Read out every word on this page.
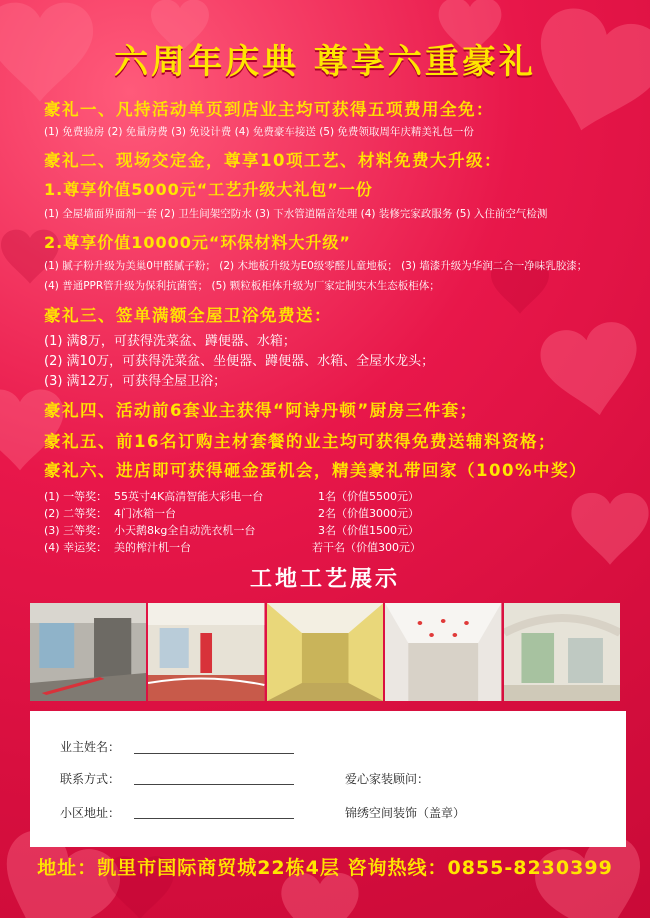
六周年庆典 尊享六重豪礼
豪礼一、凡持活动单页到店业主均可获得五项费用全免：
(1) 免费验房 (2) 免量房费 (3) 免设计费 (4) 免费豪车接送 (5) 免费领取周年庆精美礼包一份
豪礼二、现场交定金，尊享10项工艺、材料免费大升级：
1.尊享价值5000元“工艺升级大礼包”一份
(1) 全屋墙面界面剂一套 (2) 卫生间架空防水 (3) 下水管道隔音处理 (4) 装修完家政服务 (5) 入住前空气检测
2.尊享价值10000元“环保材料大升级”
(1) 腻子粉升级为美巢0甲醛腻子粉； (2) 木地板升级为E0级零醛儿童地板； (3) 墙漆升级为华润二合一净味乳胶漆；
(4) 普通PPR管升级为保利抗菌管； (5) 颗粒板柜体升级为厂家定制实木生态板柜体；
豪礼三、签单满额全屋卫浴免费送：
(1) 满8万，可获得洗菜盆、蹲便器、水箱；
(2) 满10万，可获得洗菜盆、坐便器、蹲便器、水箱、全屋水龙头；
(3) 满12万，可获得全屋卫浴；
豪礼四、活动前6套业主获得“阿诗丹顿”厨房三件套；
豪礼五、前16名订购主材套餐的业主均可获得免费送辅料资格；
豪礼六、进店即可获得砸金蛋机会，精美豪礼带回家（100%中奖）
(1) 一等奖： 55英寸4K高清智能大彩电一台	1名（价值5500元）
(2) 二等奖： 4门冰箱一台	2名（价值3000元）
(3) 三等奖： 小天鹅8kg全自动洗衣机一台	3名（价值1500元）
(4) 幸运奖： 美的榨汁机一台	若干名（价值300元）
工地工艺展示
业主姓名：
联系方式：
小区地址：
爱心家装顾问：
锦绣空间装饰（盖章）
地址：凯里市国际商贸城22栋4层 咨询热线：0855-8230399
